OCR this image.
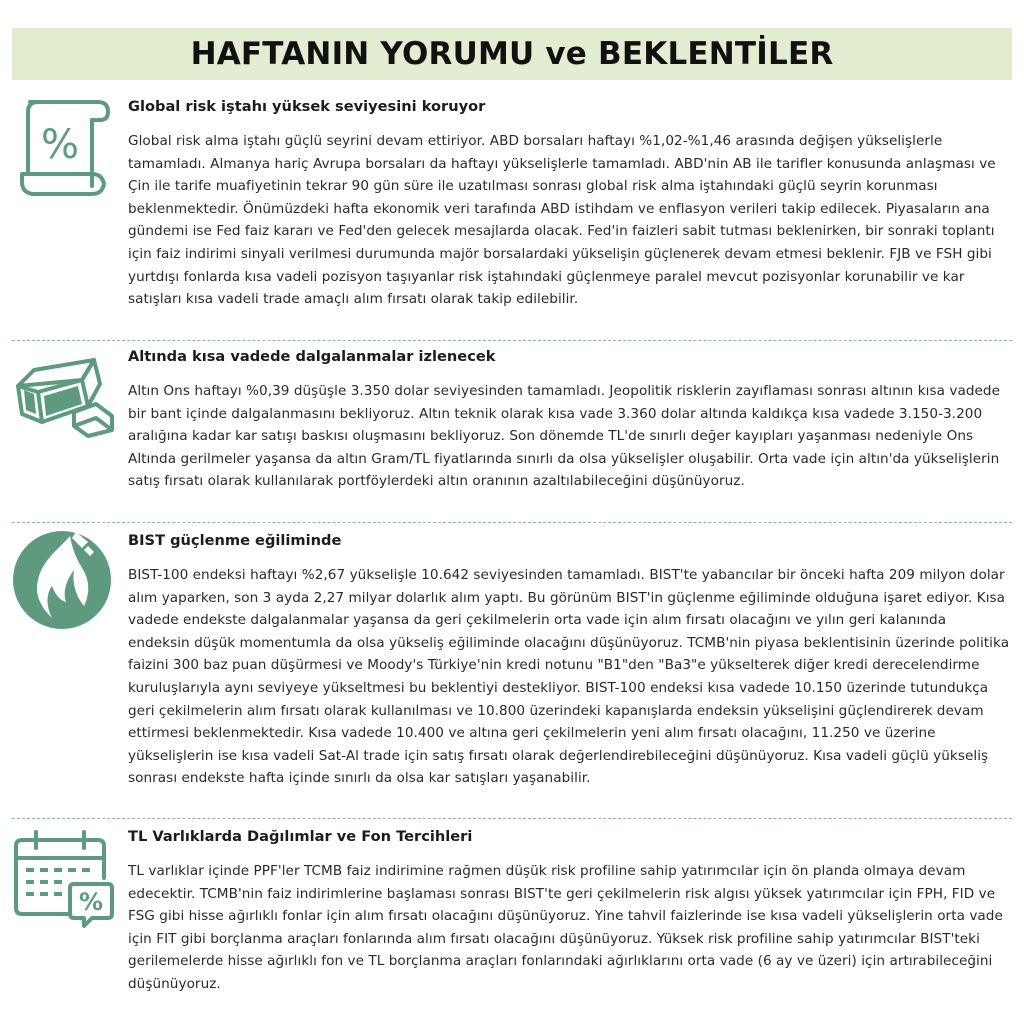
HAFTANIN YORUMU ve BEKLENTİLER
%
Global risk iştahı yüksek seviyesini koruyor

Global risk alma iştahı güçlü seyrini devam ettiriyor. ABD borsaları haftayı %1,02-%1,46 arasında değişen yükselişlerle tamamladı. Almanya hariç Avrupa borsaları da haftayı yükselişlerle tamamladı. ABD'nin AB ile tarifler konusunda anlaşması ve Çin ile tarife muafiyetinin tekrar 90 gün süre ile uzatılması sonrası global risk alma iştahındaki güçlü seyrin korunması beklenmektedir. Önümüzdeki hafta ekonomik veri tarafında ABD istihdam ve enflasyon verileri takip edilecek. Piyasaların ana gündemi ise Fed faiz kararı ve Fed'den gelecek mesajlarda olacak. Fed'in faizleri sabit tutması beklenirken, bir sonraki toplantı için faiz indirimi sinyali verilmesi durumunda majör borsalardaki yükselişin güçlenerek devam etmesi beklenir. FJB ve FSH gibi yurtdışı fonlarda kısa vadeli pozisyon taşıyanlar risk iştahındaki güçlenmeye paralel mevcut pozisyonlar korunabilir ve kar satışları kısa vadeli trade amaçlı alım fırsatı olarak takip edilebilir.

Altında kısa vadede dalgalanmalar izlenecek

Altın Ons haftayı %0,39 düşüşle 3.350 dolar seviyesinden tamamladı. Jeopolitik risklerin zayıflaması sonrası altının kısa vadede bir bant içinde dalgalanmasını bekliyoruz. Altın teknik olarak kısa vade 3.360 dolar altında kaldıkça kısa vadede 3.150-3.200 aralığına kadar kar satışı baskısı oluşmasını bekliyoruz. Son dönemde TL'de sınırlı değer kayıpları yaşanması nedeniyle Ons Altında gerilmeler yaşansa da altın Gram/TL fiyatlarında sınırlı da olsa yükselişler oluşabilir. Orta vade için altın'da yükselişlerin satış fırsatı olarak kullanılarak portföylerdeki altın oranının azaltılabileceğini düşünüyoruz.

BIST güçlenme eğiliminde

BIST-100 endeksi haftayı %2,67 yükselişle 10.642 seviyesinden tamamladı. BIST'te yabancılar bir önceki hafta 209 milyon dolar alım yaparken, son 3 ayda 2,27 milyar dolarlık alım yaptı. Bu görünüm BIST'in güçlenme eğiliminde olduğuna işaret ediyor. Kısa vadede endekste dalgalanmalar yaşansa da geri çekilmelerin orta vade için alım fırsatı olacağını ve yılın geri kalanında endeksin düşük momentumla da olsa yükseliş eğiliminde olacağını düşünüyoruz. TCMB'nin piyasa beklentisinin üzerinde politika faizini 300 baz puan düşürmesi ve Moody's Türkiye'nin kredi notunu "B1"den "Ba3"e yükselterek diğer kredi derecelendirme kuruluşlarıyla aynı seviyeye yükseltmesi bu beklentiyi destekliyor. BIST-100 endeksi kısa vadede 10.150 üzerinde tutundukça geri çekilmelerin alım fırsatı olarak kullanılması ve 10.800 üzerindeki kapanışlarda endeksin yükselişini güçlendirerek devam ettirmesi beklenmektedir. Kısa vadede 10.400 ve altına geri çekilmelerin yeni alım fırsatı olacağını, 11.250 ve üzerine yükselişlerin ise kısa vadeli Sat-Al trade için satış fırsatı olarak değerlendirebileceğini düşünüyoruz. Kısa vadeli güçlü yükseliş sonrası endekste hafta içinde sınırlı da olsa kar satışları yaşanabilir.

%
TL Varlıklarda Dağılımlar ve Fon Tercihleri

TL varlıklar içinde PPF'ler TCMB faiz indirimine rağmen düşük risk profiline sahip yatırımcılar için ön planda olmaya devam edecektir. TCMB'nin faiz indirimlerine başlaması sonrası BIST'te geri çekilmelerin risk algısı yüksek yatırımcılar için FPH, FID ve FSG gibi hisse ağırlıklı fonlar için alım fırsatı olacağını düşünüyoruz. Yine tahvil faizlerinde ise kısa vadeli yükselişlerin orta vade için FIT gibi borçlanma araçları fonlarında alım fırsatı olacağını düşünüyoruz. Yüksek risk profiline sahip yatırımcılar BIST'teki gerilemelerde hisse ağırlıklı fon ve TL borçlanma araçları fonlarındaki ağırlıklarını orta vade (6 ay ve üzeri) için artırabileceğini düşünüyoruz.
